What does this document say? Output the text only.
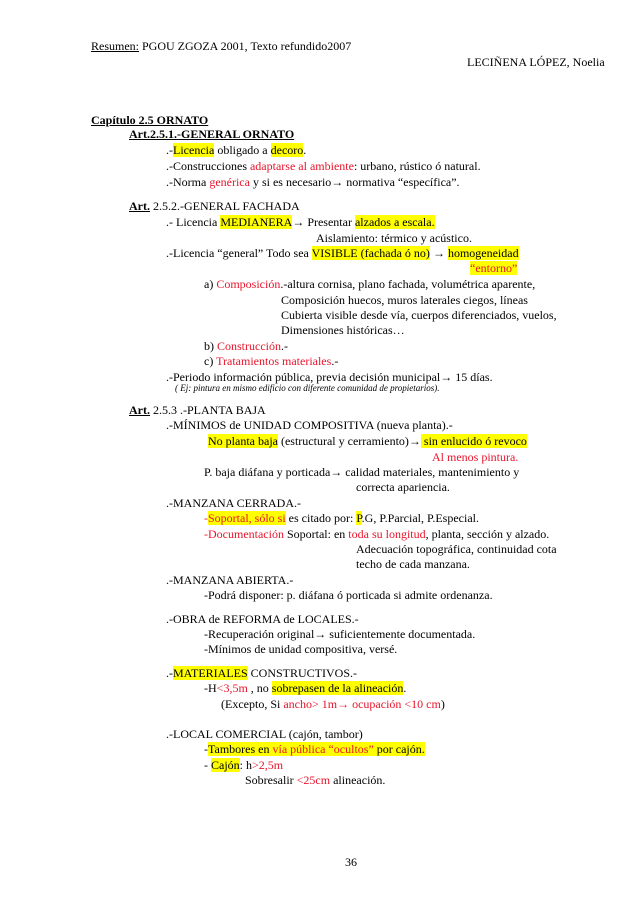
Resumen: PGOU ZGOZA 2001, Texto refundido2007
LECIÑENA LÓPEZ, Noelia
Capítulo 2.5 ORNATO
Art.2.5.1.-GENERAL ORNATO
.-Licencia obligado a decoro.
.-Construcciones adaptarse al ambiente: urbano, rústico ó natural.
.-Norma genérica y si es necesario→ normativa “específica”.
Art. 2.5.2.-GENERAL FACHADA
.- Licencia MEDIANERA→ Presentar alzados a escala.
Aislamiento: térmico y acústico.
.-Licencia “general” Todo sea VISIBLE (fachada ó no) → homogeneidad
“entorno”
a) Composición.-altura cornisa, plano fachada, volumétrica aparente,
Composición huecos, muros laterales ciegos, líneas
Cubierta visible desde vía, cuerpos diferenciados, vuelos,
Dimensiones históricas…
b) Construcción.-
c) Tratamientos materiales.-
.-Periodo información pública, previa decisión municipal→ 15 días.
( Ej: pintura en mismo edificio con diferente comunidad de propietarios).
Art. 2.5.3 .-PLANTA BAJA
.-MÍNIMOS de UNIDAD COMPOSITIVA (nueva planta).-
No planta baja (estructural y cerramiento)→ sin enlucido ó revoco
Al menos pintura.
P. baja diáfana y porticada→ calidad materiales, mantenimiento y
correcta apariencia.
.-MANZANA CERRADA.-
-Soportal, sólo si es citado por: P.G, P.Parcial, P.Especial.
-Documentación Soportal: en toda su longitud, planta, sección y alzado.
Adecuación topográfica, continuidad cota
techo de cada manzana.
.-MANZANA ABIERTA.-
-Podrá disponer: p. diáfana ó porticada si admite ordenanza.
.-OBRA de REFORMA de LOCALES.-
-Recuperación original→ suficientemente documentada.
-Mínimos de unidad compositiva, versé.
.-MATERIALES CONSTRUCTIVOS.-
-H<3,5m , no sobrepasen de la alineación.
(Excepto, Si ancho> 1m→ ocupación <10 cm)
.-LOCAL COMERCIAL (cajón, tambor)
-Tambores en vía pública “ocultos” por cajón.
- Cajón: h>2,5m
Sobresalir <25cm alineación.
36
